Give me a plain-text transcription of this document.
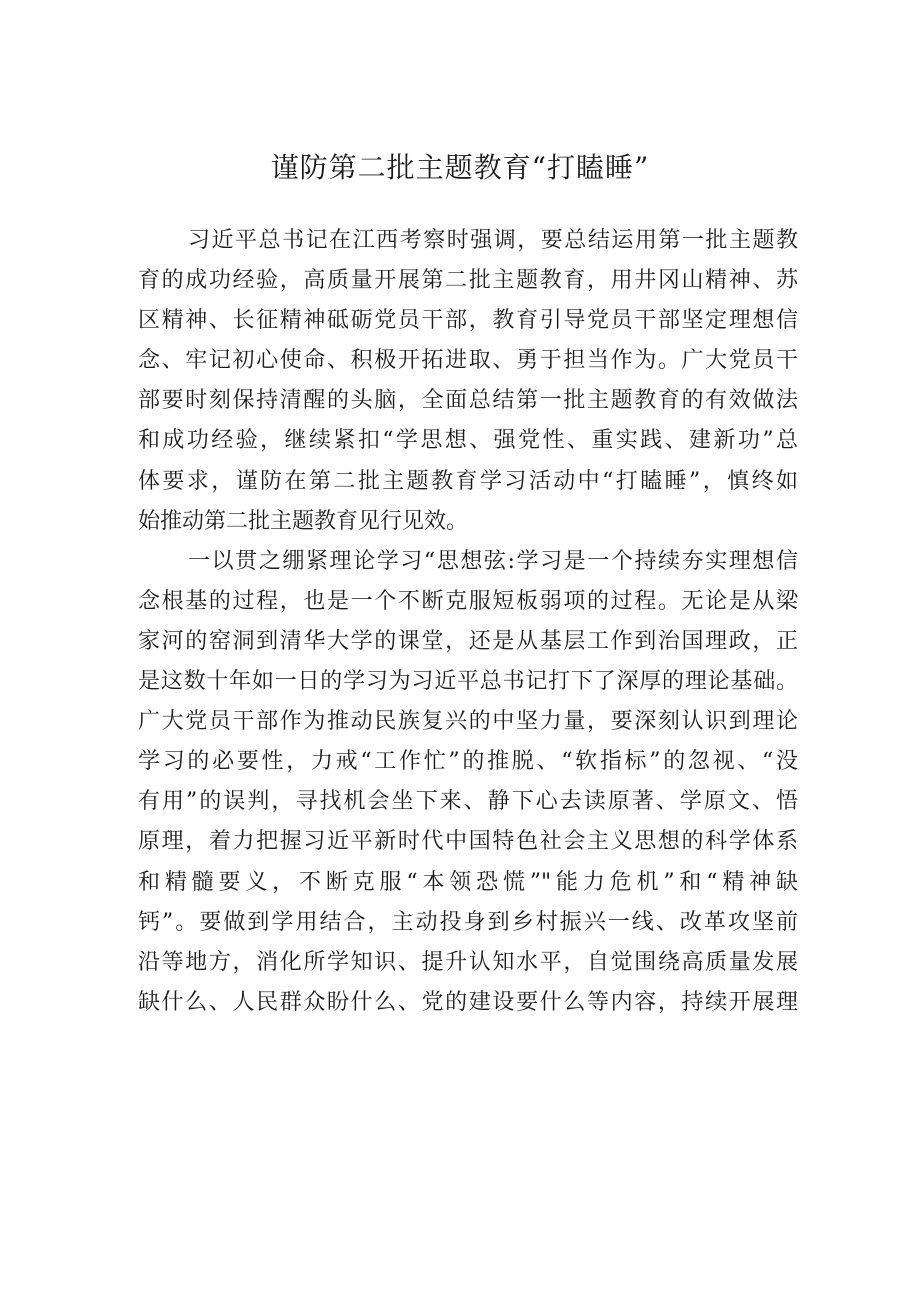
谨防第二批主题教育“打瞌睡”
习近平总书记在江西考察时强调，要总结运用第一批主题教
育的成功经验，高质量开展第二批主题教育，用井冈山精神、苏
区精神、长征精神砥砺党员干部，教育引导党员干部坚定理想信
念、牢记初心使命、积极开拓进取、勇于担当作为。广大党员干
部要时刻保持清醒的头脑，全面总结第一批主题教育的有效做法
和成功经验，继续紧扣“学思想、强党性、重实践、建新功”总
体要求，谨防在第二批主题教育学习活动中“打瞌睡”，慎终如
始推动第二批主题教育见行见效。
一以贯之绷紧理论学习“思想弦:学习是一个持续夯实理想信
念根基的过程，也是一个不断克服短板弱项的过程。无论是从梁
家河的窑洞到清华大学的课堂，还是从基层工作到治国理政，正
是这数十年如一日的学习为习近平总书记打下了深厚的理论基础。
广大党员干部作为推动民族复兴的中坚力量，要深刻认识到理论
学习的必要性，力戒“工作忙”的推脱、“软指标”的忽视、“没
有用”的误判，寻找机会坐下来、静下心去读原著、学原文、悟
原理，着力把握习近平新时代中国特色社会主义思想的科学体系
和精髓要义，不断克服“本领恐慌”"能力危机”和“精神缺
钙”。要做到学用结合，主动投身到乡村振兴一线、改革攻坚前
沿等地方，消化所学知识、提升认知水平，自觉围绕高质量发展
缺什么、人民群众盼什么、党的建设要什么等内容，持续开展理
